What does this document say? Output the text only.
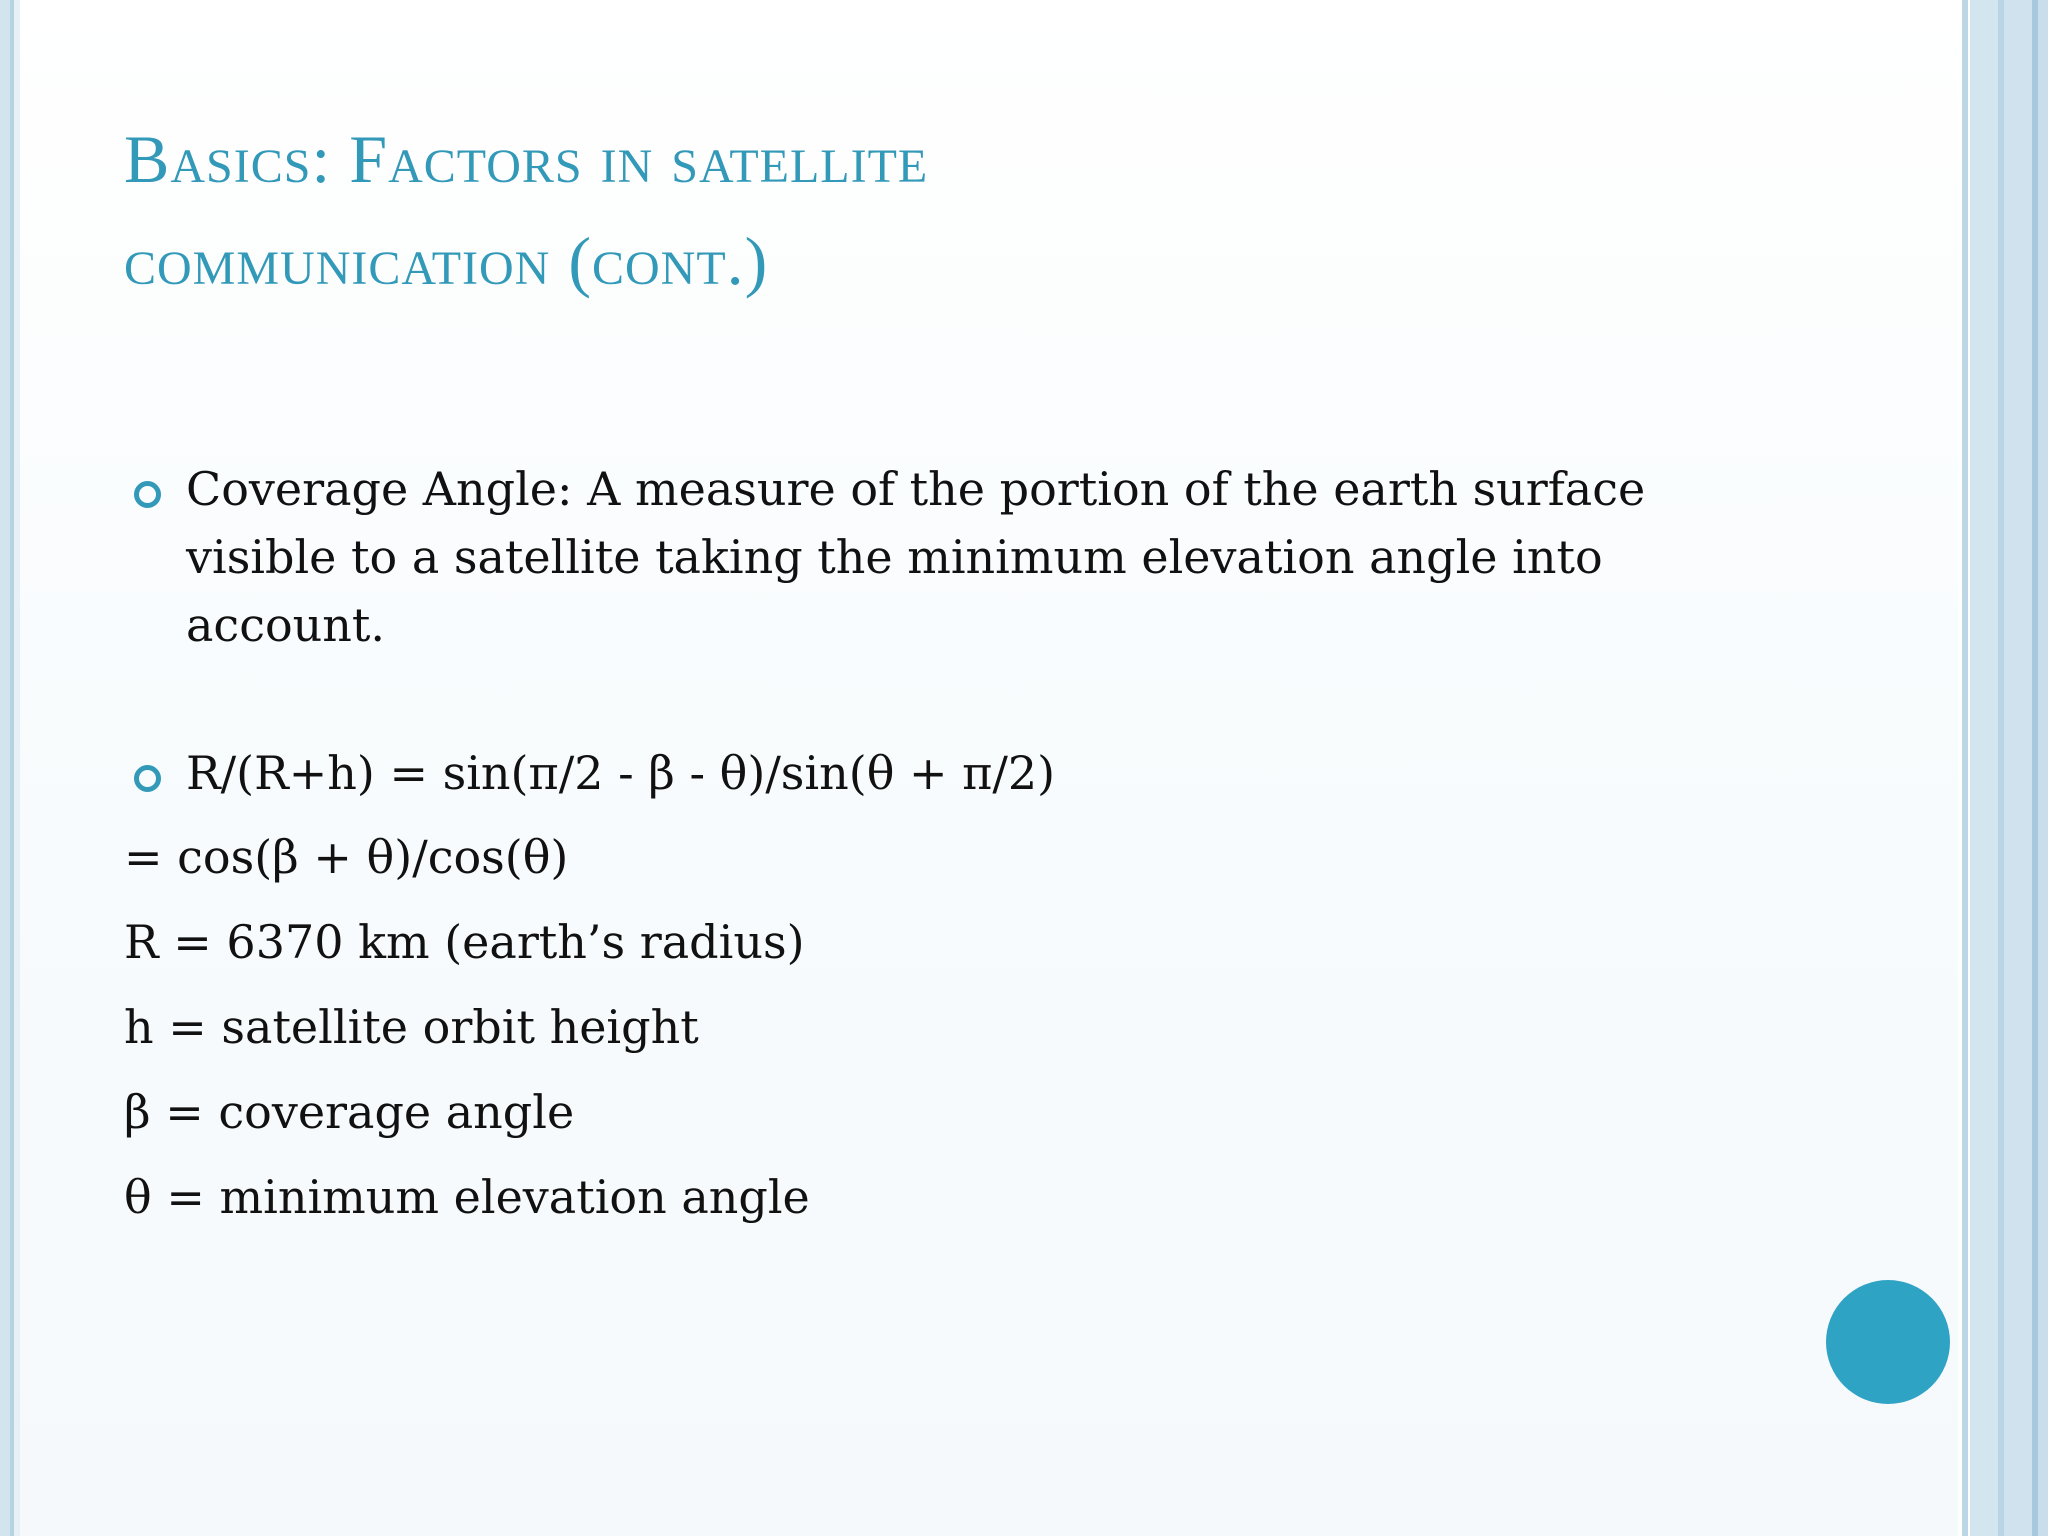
Basics: Factors in satellite
communication (cont.)
Coverage Angle: A measure of the portion of the earth surface visible to a satellite taking the minimum elevation angle into account.
R/(R+h) = sin(π/2 - β - θ)/sin(θ + π/2)
= cos(β + θ)/cos(θ)
R = 6370 km (earth’s radius)
h = satellite orbit height
β = coverage angle
θ = minimum elevation angle
